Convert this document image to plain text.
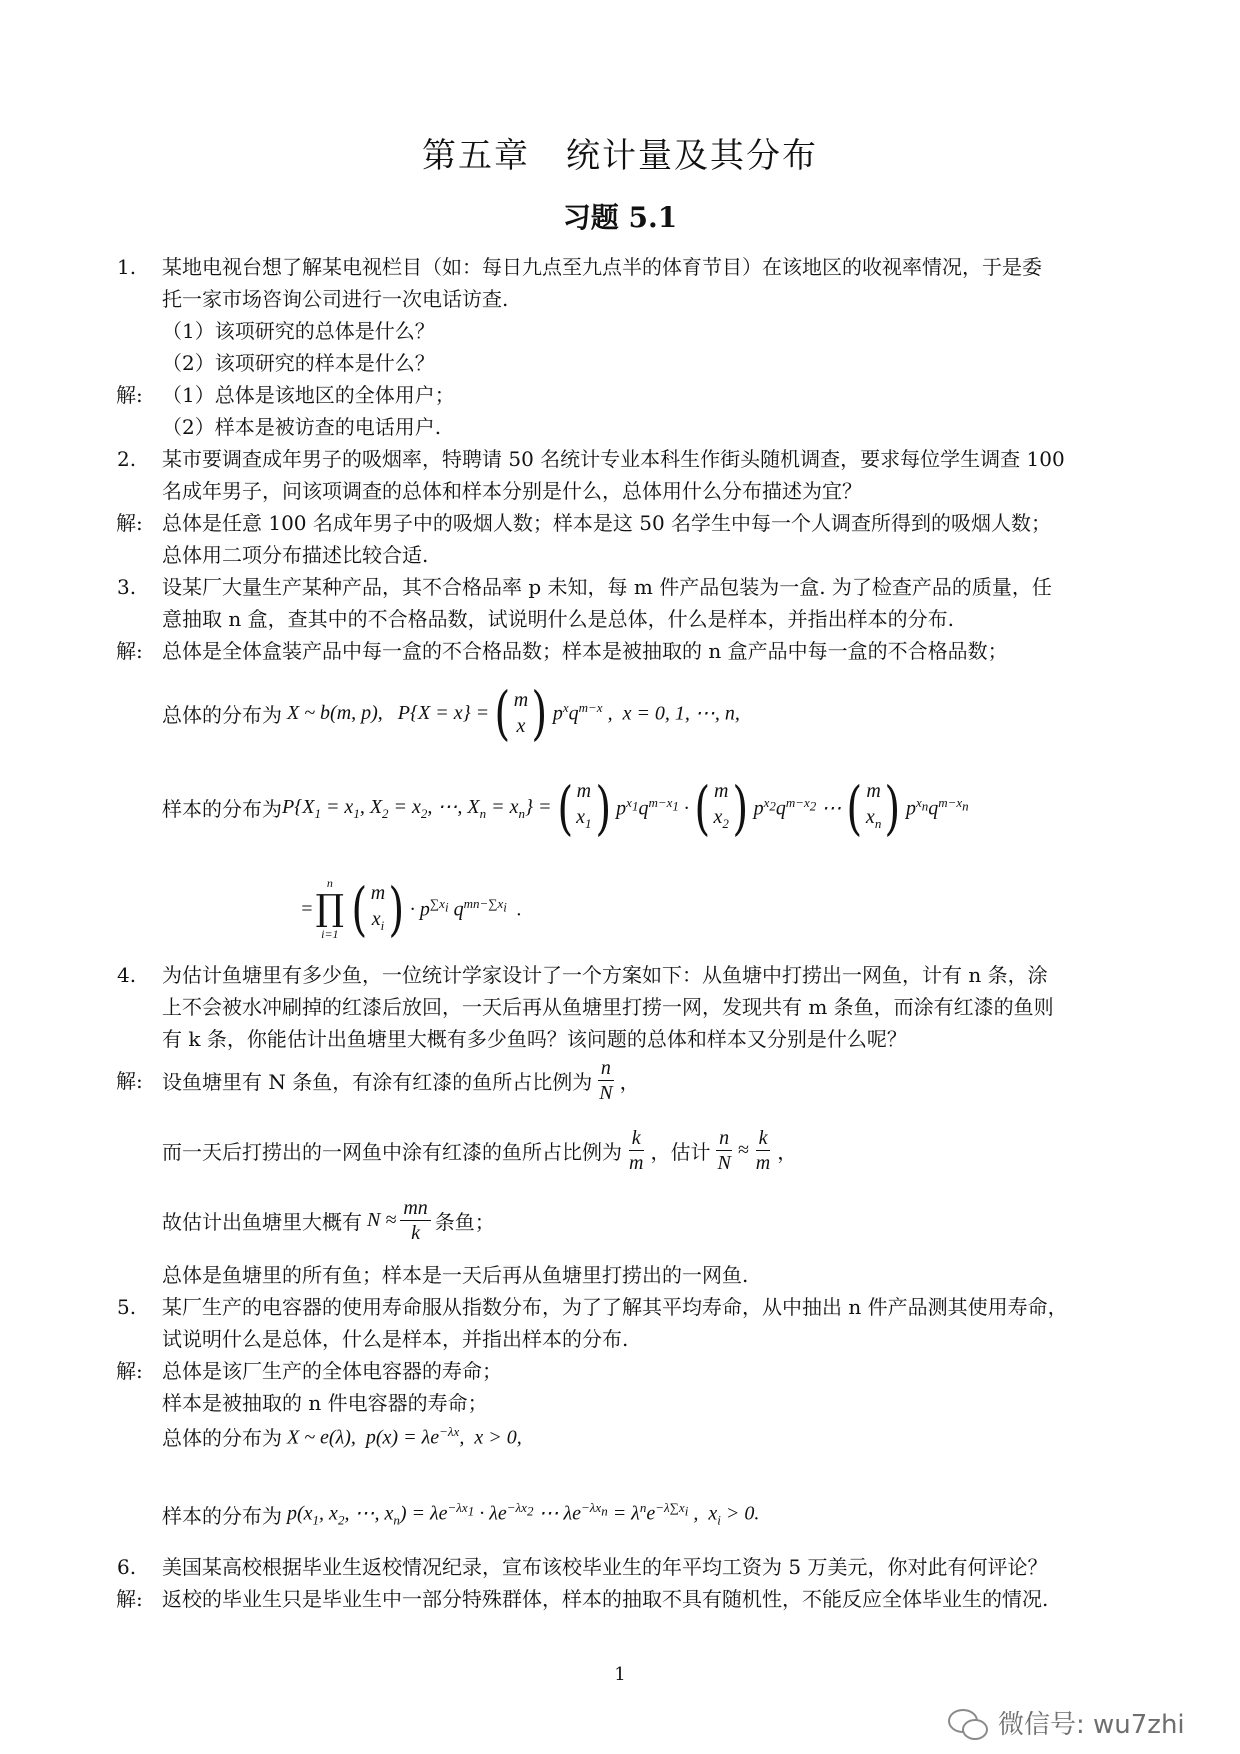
第五章　统计量及其分布
习题 5.1
1. 某地电视台想了解某电视栏目（如：每日九点至九点半的体育节目）在该地区的收视率情况，于是委
托一家市场咨询公司进行一次电话访查.
（1）该项研究的总体是什么？
（2）该项研究的样本是什么？
解: （1）总体是该地区的全体用户；
（2）样本是被访查的电话用户.
2. 某市要调查成年男子的吸烟率，特聘请 50 名统计专业本科生作街头随机调查，要求每位学生调查 100
名成年男子，问该项调查的总体和样本分别是什么，总体用什么分布描述为宜？
解: 总体是任意 100 名成年男子中的吸烟人数；样本是这 50 名学生中每一个人调查所得到的吸烟人数；
总体用二项分布描述比较合适.
3. 设某厂大量生产某种产品，其不合格品率 p 未知，每 m 件产品包装为一盒. 为了检查产品的质量，任
意抽取 n 盒，查其中的不合格品数，试说明什么是总体，什么是样本，并指出样本的分布.
解: 总体是全体盒装产品中每一盒的不合格品数；样本是被抽取的 n 盒产品中每一盒的不合格品数；
总体的分布为 X ~ b(m, p),   P{X = x} = ( m
x ) $p^xq^{m-x}$ ,  x = 0, 1, ⋯, n,
样本的分布为 $P\{X_1 = x_1$, $X_2 = x_2$, ⋯, $X_n = x_n$} = ( m
$x_1$ ) $p^{x_1}q^{m-x_1}$ · ( m
$x_2$ ) $p^{x_2}q^{m-x_2}$ ⋯ ( m
$x_n$ ) $p^{x_n}q^{m-x_n}$
=
n
∏
i=1 ( m
$x_i$ ) · $p^{\sum x_i}$ $q^{mn-\sum x_i}$  .
4. 为估计鱼塘里有多少鱼，一位统计学家设计了一个方案如下：从鱼塘中打捞出一网鱼，计有 n 条，涂
上不会被水冲刷掉的红漆后放回，一天后再从鱼塘里打捞一网，发现共有 m 条鱼，而涂有红漆的鱼则
有 k 条，你能估计出鱼塘里大概有多少鱼吗？该问题的总体和样本又分别是什么呢？
解: 设鱼塘里有 N 条鱼，有涂有红漆的鱼所占比例为 $\frac{n}{N}$ ，
而一天后打捞出的一网鱼中涂有红漆的鱼所占比例为 $\frac{k}{m}$ ，估计 $\frac{n}{N} \approx \frac{k}{m}$ ，
故估计出鱼塘里大概有 $N \approx \frac{mn}{k}$ 条鱼；
总体是鱼塘里的所有鱼；样本是一天后再从鱼塘里打捞出的一网鱼.
5. 某厂生产的电容器的使用寿命服从指数分布，为了了解其平均寿命，从中抽出 n 件产品测其使用寿命，
试说明什么是总体，什么是样本，并指出样本的分布.
解: 总体是该厂生产的全体电容器的寿命；
样本是被抽取的 n 件电容器的寿命；
总体的分布为 X ~ e(λ),  $p(x) = \lambda e^{-\lambda x}$,  x > 0,
样本的分布为 $p(x_1$, $x_2$, ⋯, $x_n) = \lambda e^{-\lambda x_1} \cdot \lambda e^{-\lambda x_2}$ ⋯ $\lambda e^{-\lambda x_n} = \lambda^ne^{-\lambda\sum x_i}$ ,  $x_i > 0$.
6. 美国某高校根据毕业生返校情况纪录，宣布该校毕业生的年平均工资为 5 万美元，你对此有何评论？
解: 返校的毕业生只是毕业生中一部分特殊群体，样本的抽取不具有随机性，不能反应全体毕业生的情况.
1
微信号: wu7zhi
